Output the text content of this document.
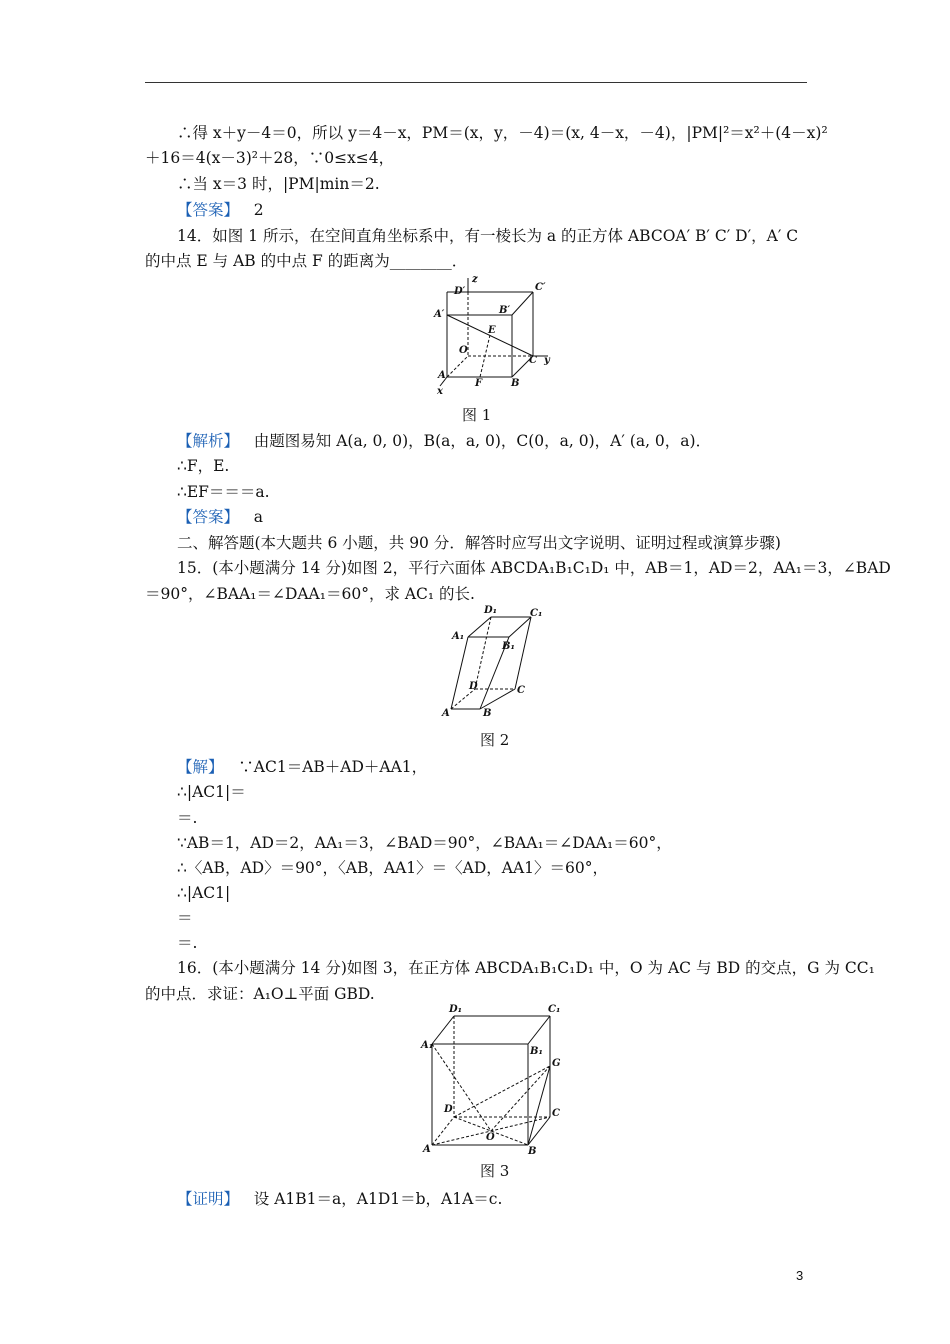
∴得 x＋y－4＝0，所以 y＝4－x，PM＝(x，y，－4)＝(x, 4－x，－4)，|PM|²＝x²＋(4－x)²
＋16＝4(x－3)²＋28，∵0≤x≤4，
∴当 x＝3 时，|PM|min＝2.
【答案】 2
14．如图 1 所示，在空间直角坐标系中，有一棱长为 a 的正方体 ABCOA′ B′ C′ D′，A′ C
的中点 E 与 AB 的中点 F 的距离为________．
z
D′	C′
B′
A′
E
O
C y
A
x
F	B
图 1
【解析】 由题图易知 A(a, 0, 0)，B(a，a, 0)，C(0，a, 0)，A′ (a, 0，a)．
∴F，E.
∴EF＝＝＝a.
【答案】 a
二、解答题(本大题共 6 小题，共 90 分．解答时应写出文字说明、证明过程或演算步骤)
15．(本小题满分 14 分)如图 2，平行六面体 ABCDA₁B₁C₁D₁ 中，AB＝1，AD＝2，AA₁＝3，∠BAD
＝90°，∠BAA₁＝∠DAA₁＝60°，求 AC₁ 的长.
D₁	C₁
A₁
B₁
D	C
A	B
图 2
【解】 ∵AC1＝AB＋AD＋AA1，
∴|AC1|＝
＝.
∵AB＝1，AD＝2，AA₁＝3，∠BAD＝90°，∠BAA₁＝∠DAA₁＝60°，
∴〈AB，AD〉＝90°，〈AB，AA1〉＝〈AD，AA1〉＝60°，
∴|AC1|
＝
＝.
16．(本小题满分 14 分)如图 3，在正方体 ABCDA₁B₁C₁D₁ 中，O 为 AC 与 BD 的交点，G 为 CC₁
的中点．求证：A₁O⊥平面 GBD.
D₁	C₁
A₁
B₁
G
D	C
O
A	B
图 3
【证明】 设 A1B1＝a，A1D1＝b，A1A＝c.
3
